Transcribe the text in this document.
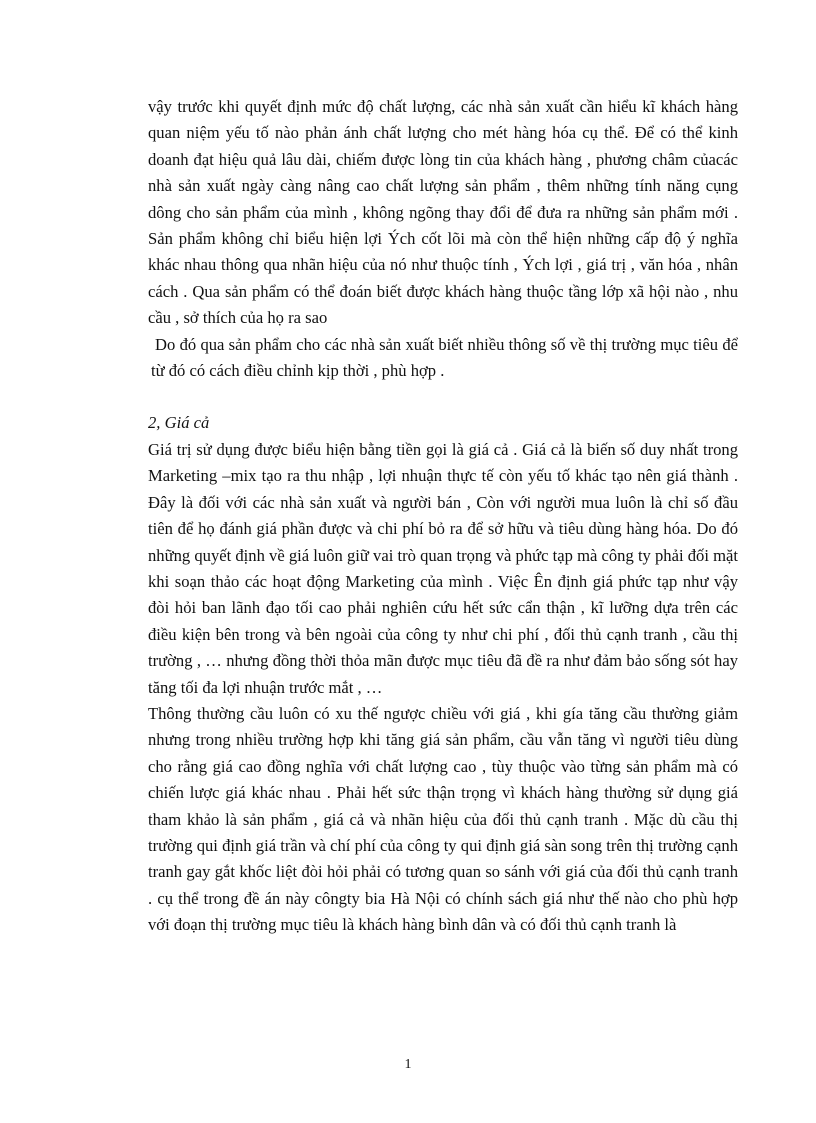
vậy trước khi quyết định mức độ chất lượng, các nhà sản xuất cần hiểu kĩ khách hàng quan niệm yếu tố nào phản ánh chất lượng cho mét hàng hóa cụ thể. Để có thể kinh doanh đạt hiệu quả lâu dài, chiếm được lòng tin của khách hàng , phương châm củacác nhà sản xuất ngày càng nâng cao chất lượng sản phẩm , thêm những tính năng cụng dông cho sản phẩm của mình , không ngõng thay đổi để đưa ra những sản phẩm mới . Sản phẩm không chỉ biểu hiện lợi Ých cốt lõi mà còn thể hiện những cấp độ ý nghĩa khác nhau thông qua nhãn hiệu của nó như thuộc tính , Ých lợi , giá trị , văn hóa , nhân cách . Qua sản phẩm có thể đoán biết được khách hàng thuộc tầng lớp xã hội nào , nhu cầu , sở thích của họ ra sao

Do đó qua sản phẩm cho các nhà sản xuất biết nhiều thông số về thị trường mục tiêu để từ đó có cách điều chỉnh kịp thời , phù hợp .

2, Giá cả

Giá trị sử dụng được biểu hiện bằng tiền gọi là giá cả . Giá cả là biến số duy nhất trong Marketing –mix tạo ra thu nhập , lợi nhuận thực tế còn yếu tố khác tạo nên giá thành . Đây là đối với các nhà sản xuất và người bán , Còn với người mua luôn là chỉ số đầu tiên để họ đánh giá phần được và chi phí bỏ ra để sở hữu và tiêu dùng hàng hóa. Do đó những quyết định về giá luôn giữ vai trò quan trọng và phức tạp mà công ty phải đối mặt khi soạn thảo các hoạt động Marketing của mình . Việc Ên định giá phức tạp như vậy đòi hỏi ban lãnh đạo tối cao phải nghiên cứu hết sức cẩn thận , kĩ lưỡng dựa trên các điều kiện bên trong và bên ngoài của công ty như chi phí , đối thủ cạnh tranh , cầu thị trường , … nhưng đồng thời thỏa mãn được mục tiêu đã đề ra như đảm bảo sống sót hay tăng tối đa lợi nhuận trước mắt , …

Thông thường cầu luôn có xu thế ngược chiều với giá , khi gía tăng cầu thường giảm nhưng trong nhiều trường hợp khi tăng giá sản phẩm, cầu vẫn tăng vì người tiêu dùng cho rằng giá cao đồng nghĩa với chất lượng cao , tùy thuộc vào từng sản phẩm mà có chiến lược giá khác nhau . Phải hết sức thận trọng vì khách hàng thường sử dụng giá tham khảo là sản phẩm , giá cả và nhãn hiệu của đối thủ cạnh tranh . Mặc dù cầu thị trường qui định giá trần và chí phí của công ty qui định giá sàn song trên thị trường cạnh tranh gay gắt khốc liệt đòi hỏi phải có tương quan so sánh với giá của đối thủ cạnh tranh . cụ thể trong đề án này côngty bia Hà Nội có chính sách giá như thế nào cho phù hợp với đoạn thị trường mục tiêu là khách hàng bình dân và có đối thủ cạnh tranh là

1
